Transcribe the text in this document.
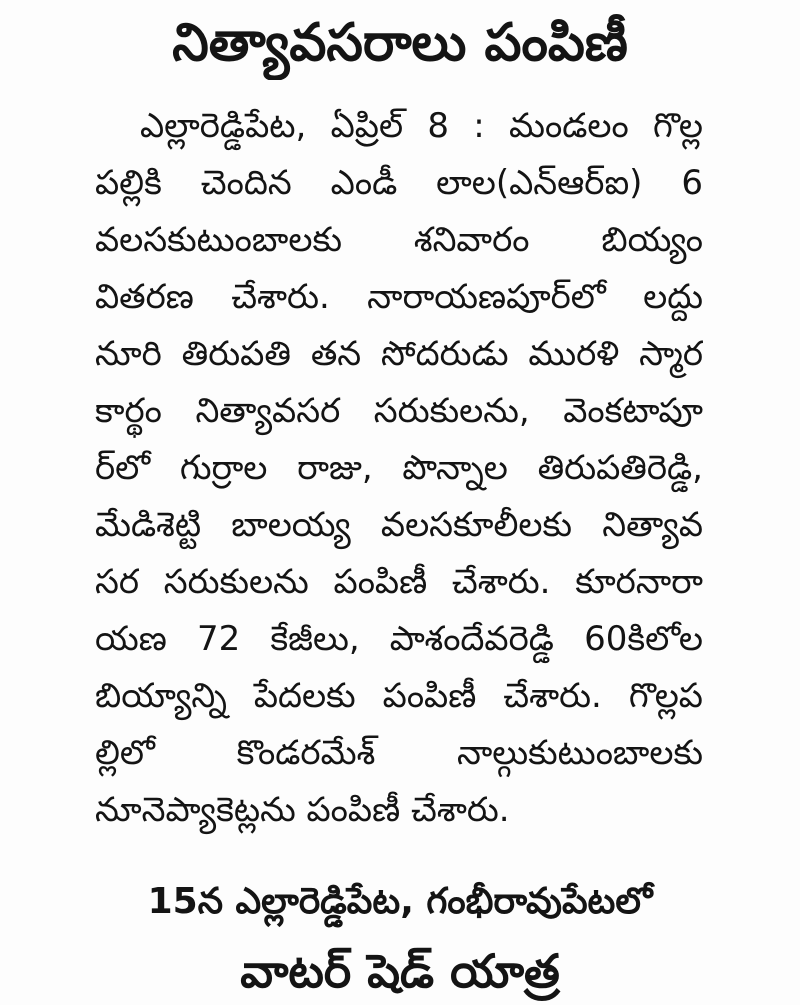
నిత్యావసరాలు పంపిణీ
ఎల్లారెడ్డిపేట, ఏప్రిల్ 8 : మండలం గొల్ల
పల్లికి చెందిన ఎండీ లాల(ఎన్ఆర్ఐ) 6
వలసకుటుంబాలకు శనివారం బియ్యం
వితరణ చేశారు. నారాయణపూర్‌లో లద్దు
నూరి తిరుపతి తన సోదరుడు మురళి స్మార
కార్థం నిత్యావసర సరుకులను, వెంకటాపూ
ర్‌లో గుర్రాల రాజు, పొన్నాల తిరుపతిరెడ్డి,
మేడిశెట్టి బాలయ్య వలసకూలీలకు నిత్యావ
సర సరుకులను పంపిణీ చేశారు. కూరనారా
యణ 72 కేజీలు, పాశందేవరెడ్డి 60కిలోల
బియ్యాన్ని పేదలకు పంపిణీ చేశారు. గొల్లప
ల్లిలో కొండరమేశ్ నాల్గుకుటుంబాలకు
నూనెప్యాకెట్లను పంపిణీ చేశారు.
15న ఎల్లారెడ్డిపేట, గంభీరావుపేటలో
వాటర్ షెడ్ యాత్ర
